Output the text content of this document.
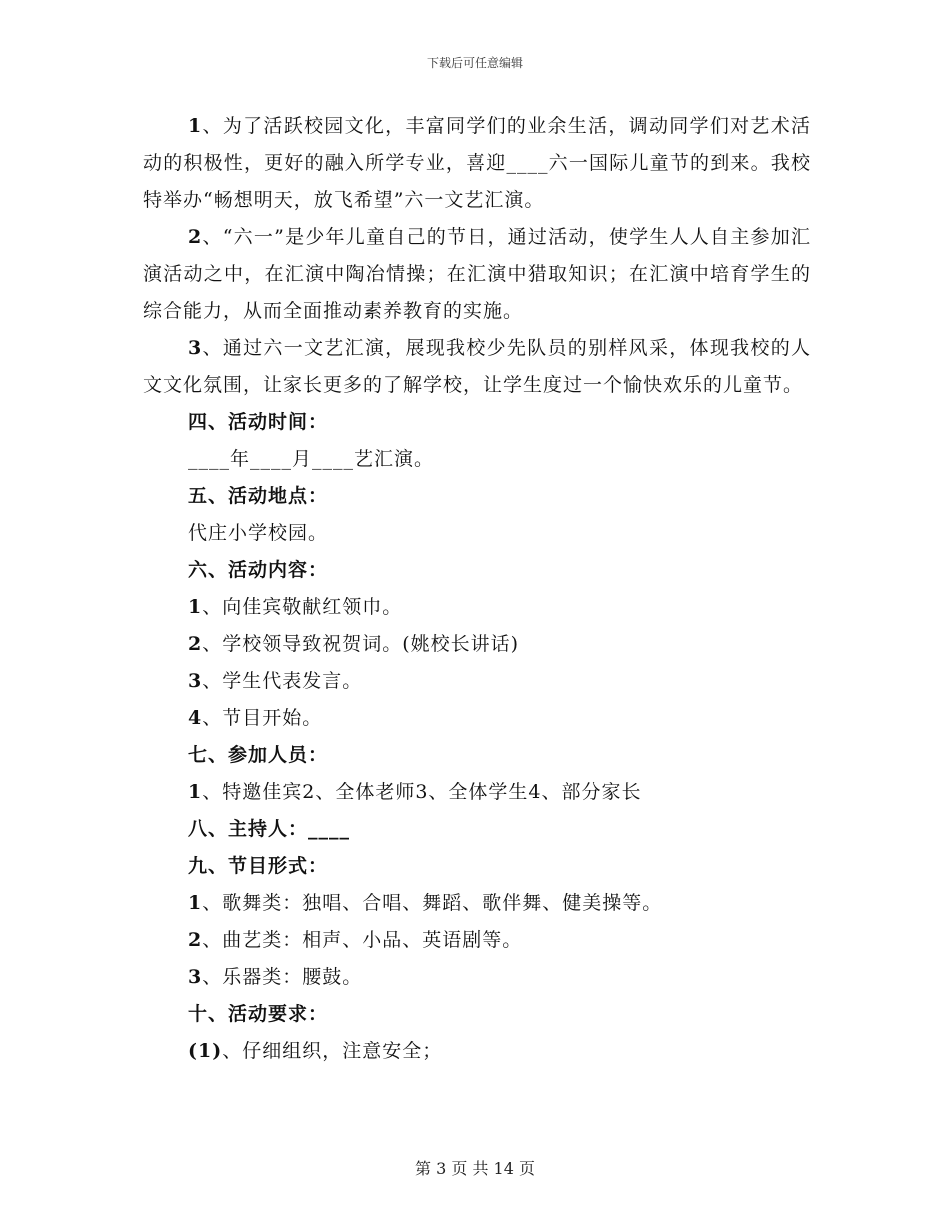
下载后可任意编辑

1、为了活跃校园文化，丰富同学们的业余生活，调动同学们对艺术活动的积极性，更好的融入所学专业，喜迎____六一国际儿童节的到来。我校特举办“畅想明天，放飞希望”六一文艺汇演。

2、“六一”是少年儿童自己的节日，通过活动，使学生人人自主参加汇演活动之中，在汇演中陶冶情操；在汇演中猎取知识；在汇演中培育学生的综合能力，从而全面推动素养教育的实施。

3、通过六一文艺汇演，展现我校少先队员的别样风采，体现我校的人文文化氛围，让家长更多的了解学校，让学生度过一个愉快欢乐的儿童节。

四、活动时间：

____年____月____艺汇演。

五、活动地点：

代庄小学校园。

六、活动内容：

1、向佳宾敬献红领巾。

2、学校领导致祝贺词。(姚校长讲话)

3、学生代表发言。

4、节目开始。

七、参加人员：

1、特邀佳宾2、全体老师3、全体学生4、部分家长

八、主持人：____

九、节目形式：

1、歌舞类：独唱、合唱、舞蹈、歌伴舞、健美操等。

2、曲艺类：相声、小品、英语剧等。

3、乐器类：腰鼓。

十、活动要求：

(1)、仔细组织，注意安全；

第 3 页 共 14 页
